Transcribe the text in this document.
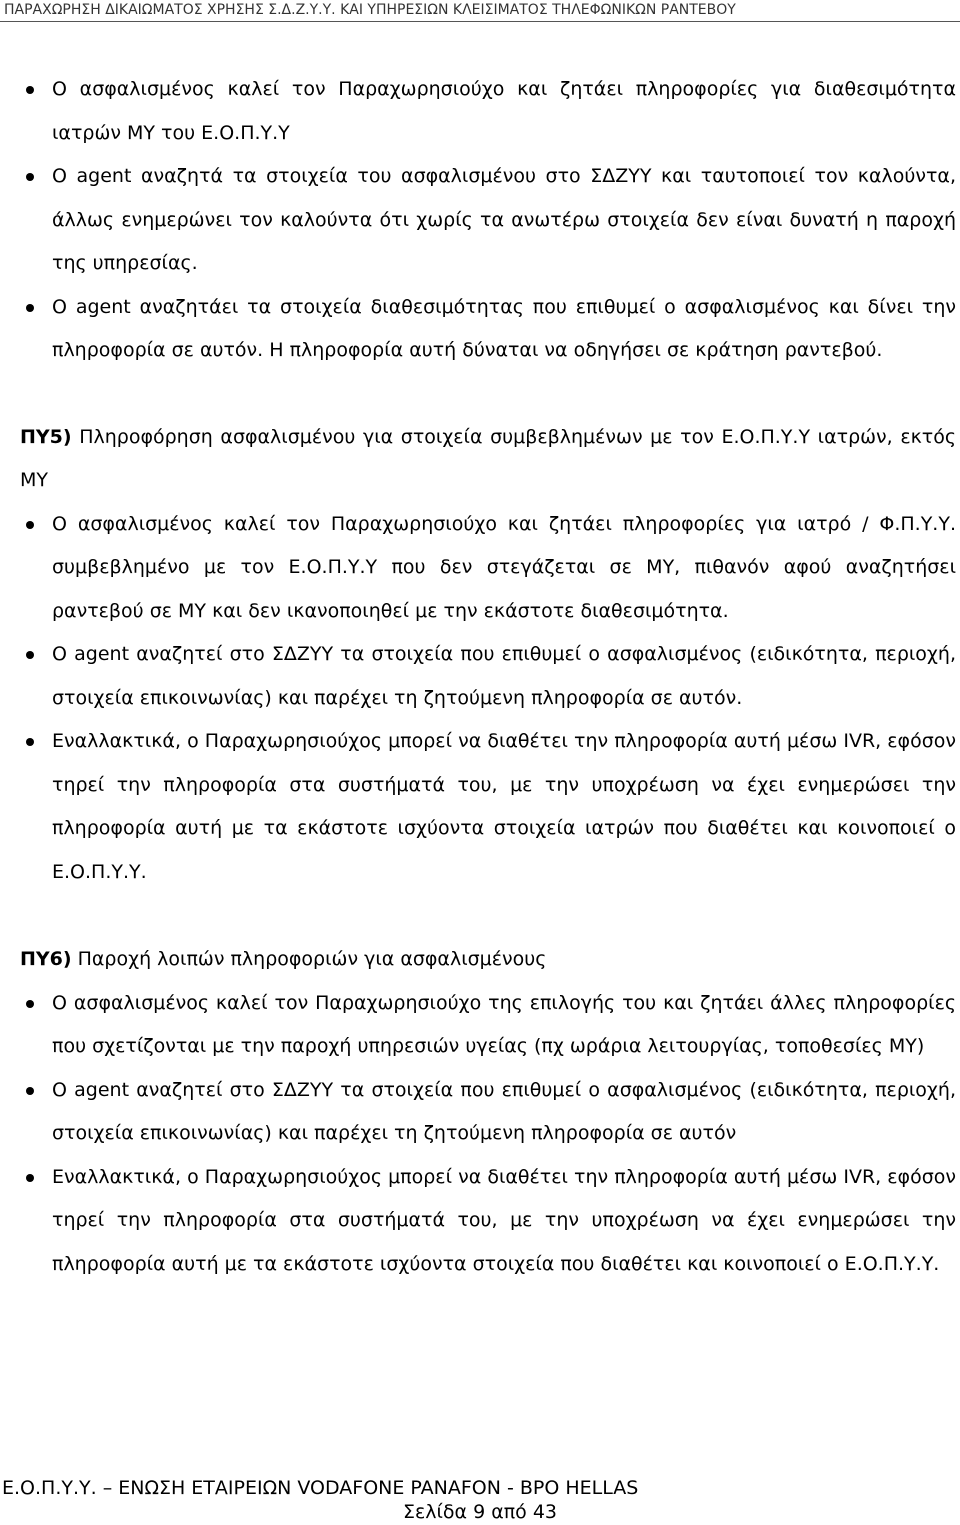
ΠΑΡΑΧΩΡΗΣΗ ΔΙΚΑΙΩΜΑΤΟΣ ΧΡΗΣΗΣ Σ.Δ.Ζ.Υ.Υ. ΚΑΙ ΥΠΗΡΕΣΙΩΝ ΚΛΕΙΣΙΜΑΤΟΣ ΤΗΛΕΦΩΝΙΚΩΝ ΡΑΝΤΕΒΟΥ
Ο ασφαλισμένος καλεί τον Παραχωρησιούχο και ζητάει πληροφορίες για διαθεσιμότητα ιατρών ΜΥ του Ε.Ο.Π.Υ.Υ
Ο agent αναζητά τα στοιχεία του ασφαλισμένου στο ΣΔΖΥΥ και ταυτοποιεί τον καλούντα, άλλως ενημερώνει τον καλούντα ότι χωρίς τα ανωτέρω στοιχεία δεν είναι δυνατή η παροχή της υπηρεσίας.
Ο agent αναζητάει τα στοιχεία διαθεσιμότητας που επιθυμεί ο ασφαλισμένος και δίνει την πληροφορία σε αυτόν. Η πληροφορία αυτή δύναται να οδηγήσει σε κράτηση ραντεβού.

ΠΥ5) Πληροφόρηση ασφαλισμένου για στοιχεία συμβεβλημένων με τον Ε.Ο.Π.Υ.Υ ιατρών, εκτός ΜΥ

Ο ασφαλισμένος καλεί τον Παραχωρησιούχο και ζητάει πληροφορίες για ιατρό / Φ.Π.Υ.Υ. συμβεβλημένο με τον Ε.Ο.Π.Υ.Υ που δεν στεγάζεται σε ΜΥ, πιθανόν αφού αναζητήσει ραντεβού σε ΜΥ και δεν ικανοποιηθεί με την εκάστοτε διαθεσιμότητα.
Ο agent αναζητεί στο ΣΔΖΥΥ τα στοιχεία που επιθυμεί ο ασφαλισμένος (ειδικότητα, περιοχή, στοιχεία επικοινωνίας) και παρέχει τη ζητούμενη πληροφορία σε αυτόν.
Εναλλακτικά, ο Παραχωρησιούχος μπορεί να διαθέτει την πληροφορία αυτή μέσω IVR, εφόσον τηρεί την πληροφορία στα συστήματά του, με την υποχρέωση να έχει ενημερώσει την πληροφορία αυτή με τα εκάστοτε ισχύοντα στοιχεία ιατρών που διαθέτει και κοινοποιεί ο Ε.Ο.Π.Υ.Υ.

ΠΥ6) Παροχή λοιπών πληροφοριών για ασφαλισμένους

Ο ασφαλισμένος καλεί τον Παραχωρησιούχο της επιλογής του και ζητάει άλλες πληροφορίες που σχετίζονται με την παροχή υπηρεσιών υγείας (πχ ωράρια λειτουργίας, τοποθεσίες ΜΥ)
Ο agent αναζητεί στο ΣΔΖΥΥ τα στοιχεία που επιθυμεί ο ασφαλισμένος (ειδικότητα, περιοχή, στοιχεία επικοινωνίας) και παρέχει τη ζητούμενη πληροφορία σε αυτόν
Εναλλακτικά, ο Παραχωρησιούχος μπορεί να διαθέτει την πληροφορία αυτή μέσω IVR, εφόσον τηρεί την πληροφορία στα συστήματά του, με την υποχρέωση να έχει ενημερώσει την πληροφορία αυτή με τα εκάστοτε ισχύοντα στοιχεία που διαθέτει και κοινοποιεί ο Ε.Ο.Π.Υ.Υ.
Ε.Ο.Π.Υ.Υ. – ΕΝΩΣΗ ΕΤΑΙΡΕΙΩΝ VODAFONE PANAFON - BPO HELLAS
Σελίδα 9 από 43
